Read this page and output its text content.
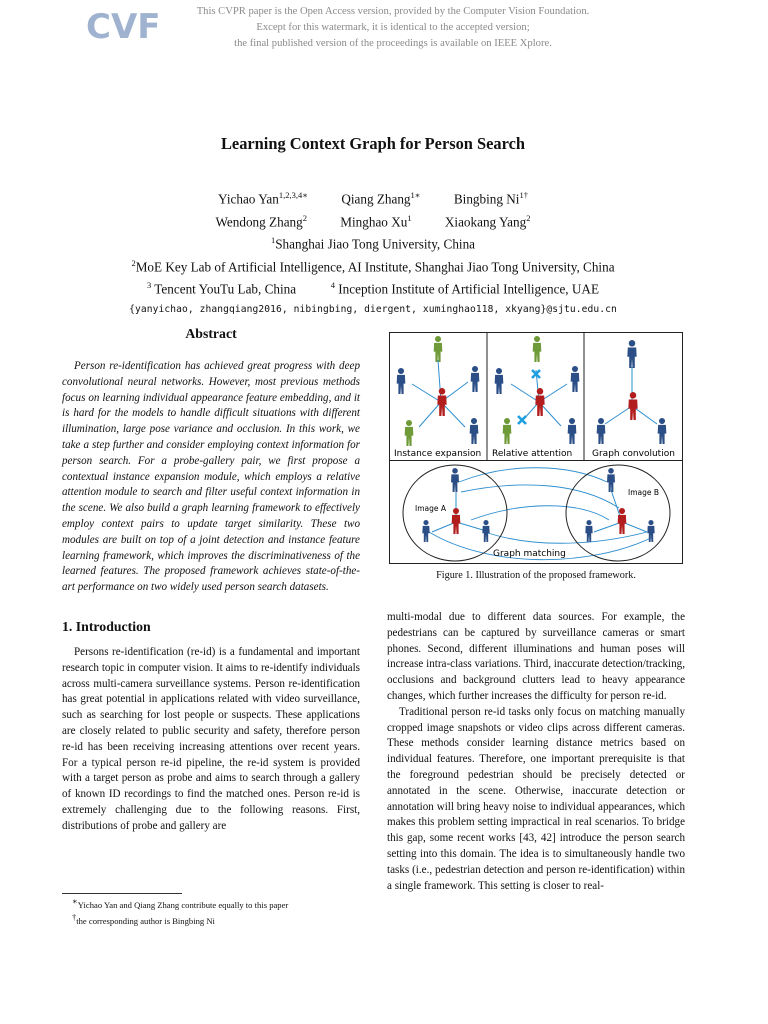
CVF	This CVPR paper is the Open Access version, provided by the Computer Vision Foundation.
Except for this watermark, it is identical to the accepted version;
the final published version of the proceedings is available on IEEE Xplore.
Learning Context Graph for Person Search
Yichao Yan$^{1,2,3,4∗}$	Qiang Zhang$^{1∗}$	Bingbing $Ni^{1\dagger}$
Wendong Zhang$^2$	Minghao Xu$^1$	Xiaokang Yang$^2$
$^1$Shanghai Jiao Tong University, China
$^2$MoE Key Lab of Artificial Intelligence, AI Institute, Shanghai Jiao Tong University, China
$^3$ Tencent YouTu Lab, China	$^4$ Inception Institute of Artificial Intelligence, UAE
{yanyichao, zhangqiang2016, nibingbing, diergent, xuminghao118, xkyang}@sjtu.edu.cn
Abstract

Person re-identification has achieved great progress with deep convolutional neural networks. However, most previous methods focus on learning individual appearance feature embedding, and it is hard for the models to handle difficult situations with different illumination, large pose variance and occlusion. In this work, we take a step further and consider employing context information for person search. For a probe-gallery pair, we first propose a contextual instance expansion module, which employs a relative attention module to search and filter useful context information in the scene. We also build a graph learning framework to effectively employ context pairs to update target similarity. These two modules are built on top of a joint detection and instance feature learning framework, which improves the discriminativeness of the learned features. The proposed framework achieves state-of-the-art performance on two widely used person search datasets.

1. Introduction

Persons re-identification (re-id) is a fundamental and important research topic in computer vision. It aims to re-identify individuals across multi-camera surveillance systems. Person re-identification has great potential in applications related with video surveillance, such as searching for lost people or suspects. These applications are closely related to public security and safety, therefore person re-id has been receiving increasing attentions over recent years. For a typical person re-id pipeline, the re-id system is provided with a target person as probe and aims to search through a gallery of known ID recordings to find the matched ones. Person re-id is extremely challenging due to the following reasons. First, distributions of probe and gallery are

∗Yichao Yan and Qiang Zhang contribute equally to this paper
†the corresponding author is Bingbing Ni
Instance expansion Relative attention Graph convolution
Image A
Image B
Graph matching
Figure 1. Illustration of the proposed framework.

multi-modal due to different data sources. For example, the pedestrians can be captured by surveillance cameras or smart phones. Second, different illuminations and human poses will increase intra-class variations. Third, inaccurate detection/tracking, occlusions and background clutters lead to heavy appearance changes, which further increases the difficulty for person re-id.

Traditional person re-id tasks only focus on matching manually cropped image snapshots or video clips across different cameras. These methods consider learning distance metrics based on individual features. Therefore, one important prerequisite is that the foreground pedestrian should be precisely detected or annotated in the scene. Otherwise, inaccurate detection or annotation will bring heavy noise to individual appearances, which makes this problem setting impractical in real scenarios. To bridge this gap, some recent works [43, 42] introduce the person search setting into this domain. The idea is to simultaneously handle two tasks (i.e., pedestrian detection and person re-identification) within a single framework. This setting is closer to real-
